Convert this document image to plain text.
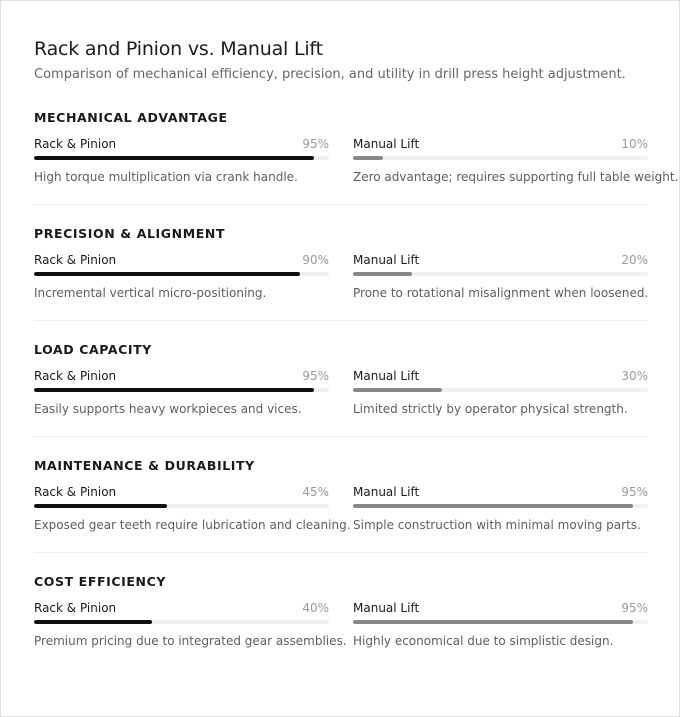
Rack and Pinion vs. Manual Lift

Comparison of mechanical efficiency, precision, and utility in drill press height adjustment.

MECHANICAL ADVANTAGE
Rack & Pinion	95%

High torque multiplication via crank handle.

Manual Lift	10%

Zero advantage; requires supporting full table weight.

PRECISION & ALIGNMENT
Rack & Pinion	90%

Incremental vertical micro-positioning.

Manual Lift	20%

Prone to rotational misalignment when loosened.

LOAD CAPACITY
Rack & Pinion	95%

Easily supports heavy workpieces and vices.

Manual Lift	30%

Limited strictly by operator physical strength.

MAINTENANCE & DURABILITY
Rack & Pinion	45%

Exposed gear teeth require lubrication and cleaning.

Manual Lift	95%

Simple construction with minimal moving parts.

COST EFFICIENCY
Rack & Pinion	40%

Premium pricing due to integrated gear assemblies.

Manual Lift	95%

Highly economical due to simplistic design.
